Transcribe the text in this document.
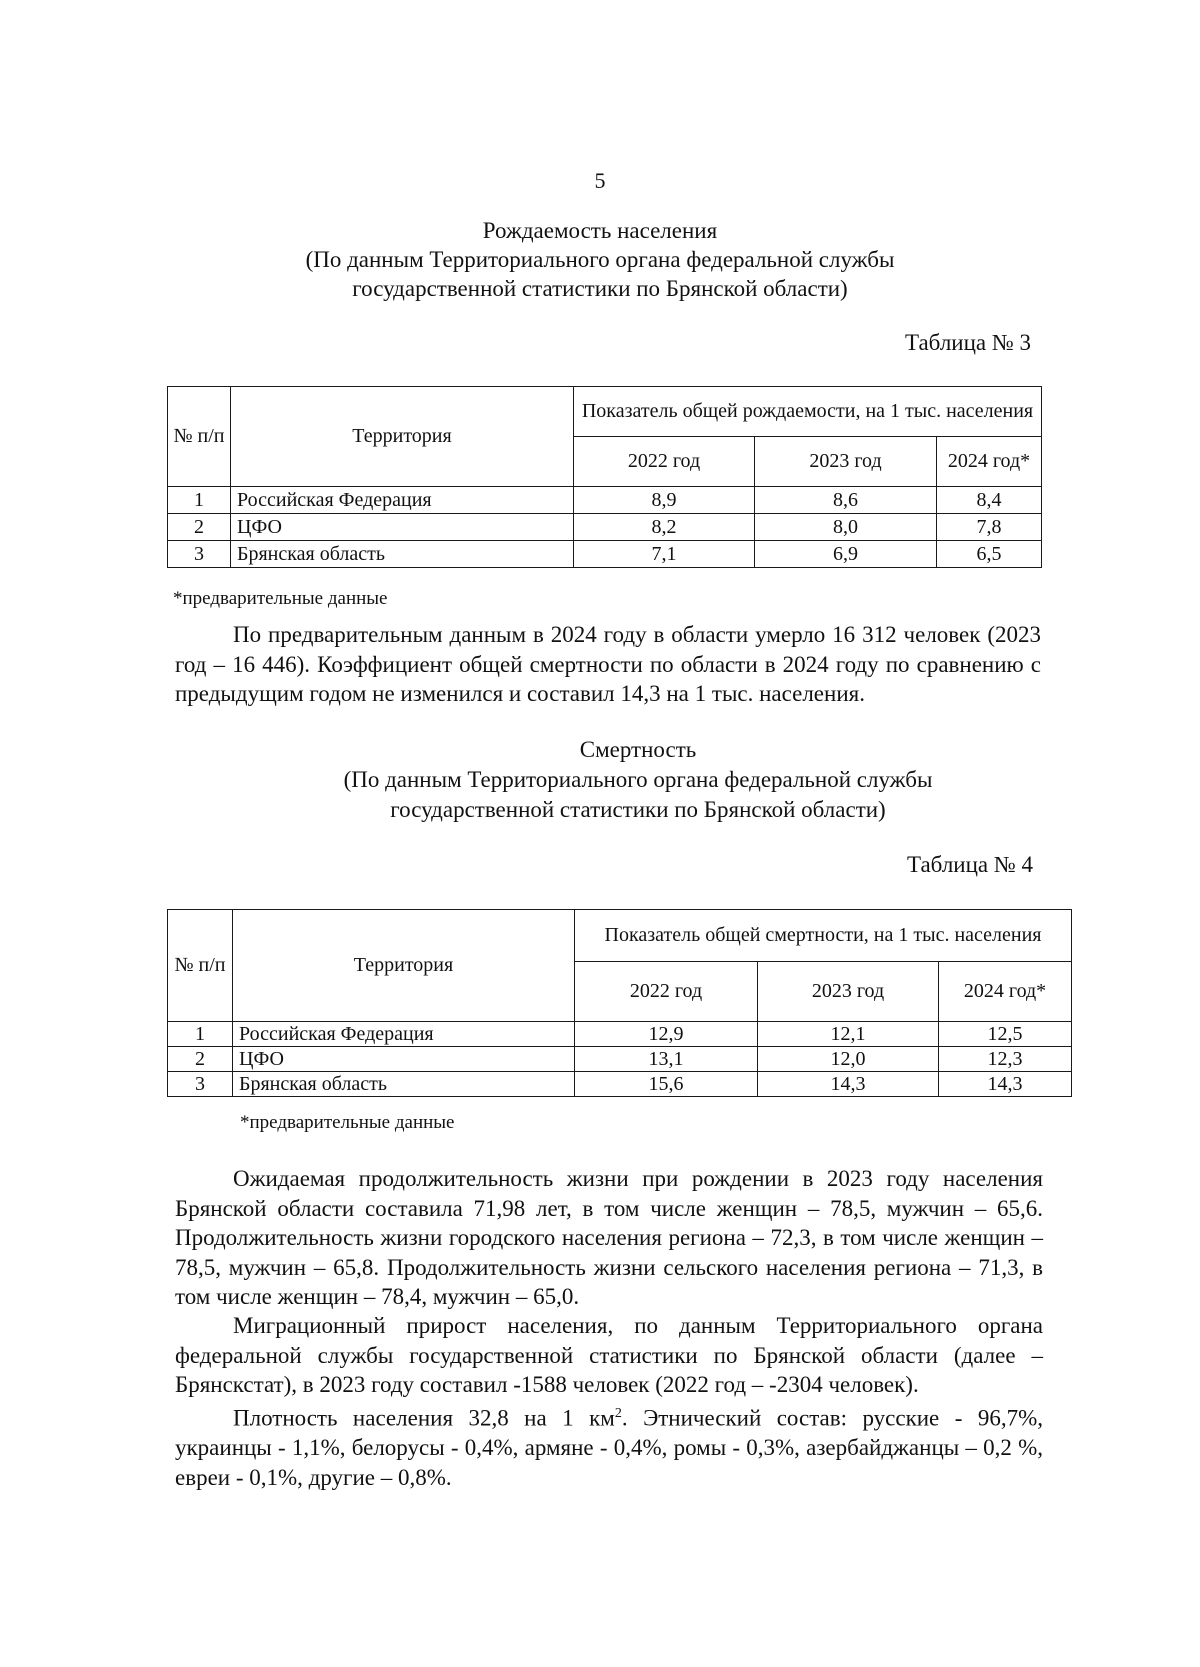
5
Рождаемость населения
(По данным Территориального органа федеральной службы
государственной статистики по Брянской области)
Таблица № 3
№ п/п	Территория	Показатель общей рождаемости, на 1 тыс. населения		
		2022 год	2023 год	2024 год*
1	Российская Федерация	8,9	8,6	8,4
2	ЦФО	8,2	8,0	7,8
3	Брянская область	7,1	6,9	6,5
*предварительные данные

По предварительным данным в 2024 году в области умерло 16 312 человек (2023 год – 16 446). Коэффициент общей смертности по области в 2024 году по сравнению с предыдущим годом не изменился и составил 14,3 на 1 тыс. населения.

Смертность
(По данным Территориального органа федеральной службы
государственной статистики по Брянской области)
Таблица № 4
№ п/п	Территория	Показатель общей смертности, на 1 тыс. населения		
		2022 год	2023 год	2024 год*
1	Российская Федерация	12,9	12,1	12,5
2	ЦФО	13,1	12,0	12,3
3	Брянская область	15,6	14,3	14,3
*предварительные данные

Ожидаемая продолжительность жизни при рождении в 2023 году населения Брянской области составила 71,98 лет, в том числе женщин – 78,5, мужчин – 65,6. Продолжительность жизни городского населения региона – 72,3, в том числе женщин – 78,5, мужчин – 65,8. Продолжительность жизни сельского населения региона – 71,3, в том числе женщин – 78,4, мужчин – 65,0.

Миграционный прирост населения, по данным Территориального органа федеральной службы государственной статистики по Брянской области (далее – Брянскстат), в 2023 году составил -1588 человек (2022 год – -2304 человек).

Плотность населения 32,8 на 1 $км^2$. Этнический состав: русские - 96,7%, украинцы - 1,1%, белорусы - 0,4%, армяне - 0,4%, ромы - 0,3%, азербайджанцы – 0,2 %, евреи - 0,1%, другие – 0,8%.
